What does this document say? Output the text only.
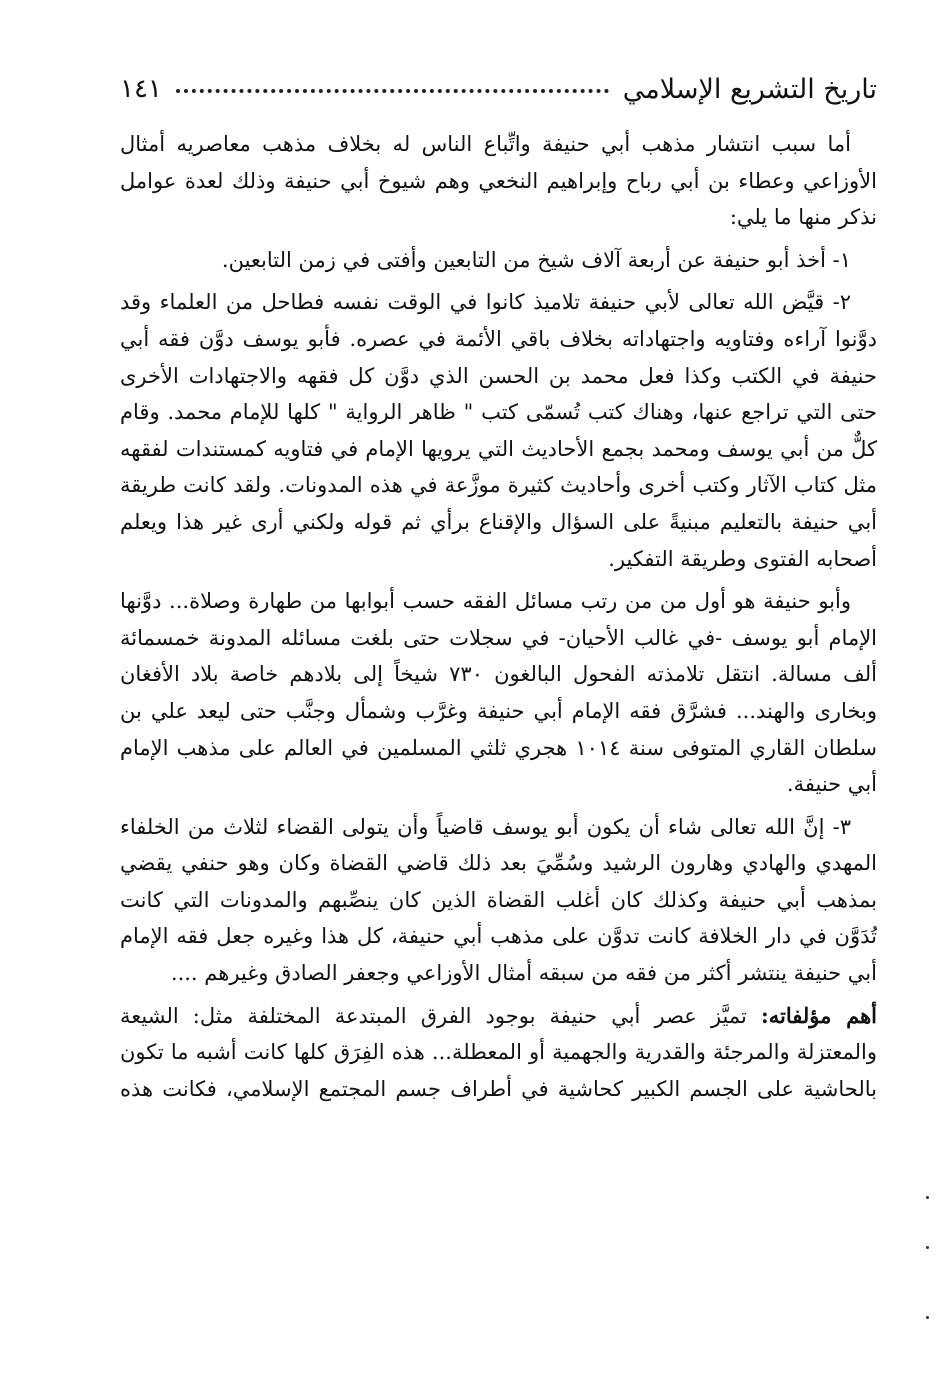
تاريخ التشريع الإسلامي
١٤١

أما سبب انتشار مذهب أبي حنيفة واتِّباع الناس له بخلاف مذهب معاصريه أمثال الأوزاعي وعطاء بن أبي رباح وإبراهيم النخعي وهم شيوخ أبي حنيفة وذلك لعدة عوامل نذكر منها ما يلي:

١- أخذ أبو حنيفة عن أربعة آلاف شيخ من التابعين وأفتى في زمن التابعين.

٢- قيَّض الله تعالى لأبي حنيفة تلاميذ كانوا في الوقت نفسه فطاحل من العلماء وقد دوَّنوا آراءه وفتاويه واجتهاداته بخلاف باقي الأئمة في عصره. فأبو يوسف دوَّن فقه أبي حنيفة في الكتب وكذا فعل محمد بن الحسن الذي دوَّن كل فقهه والاجتهادات الأخرى حتى التي تراجع عنها، وهناك كتب تُسمّى كتب " ظاهر الرواية " كلها للإمام محمد. وقام كلٌّ من أبي يوسف ومحمد بجمع الأحاديث التي يرويها الإمام في فتاويه كمستندات لفقهه مثل كتاب الآثار وكتب أخرى وأحاديث كثيرة موزَّعة في هذه المدونات. ولقد كانت طريقة أبي حنيفة بالتعليم مبنيةً على السؤال والإقناع برأي ثم قوله ولكني أرى غير هذا ويعلم أصحابه الفتوى وطريقة التفكير.

وأبو حنيفة هو أول من من رتب مسائل الفقه حسب أبوابها من طهارة وصلاة... دوَّنها الإمام أبو يوسف -في غالب الأحيان- في سجلات حتى بلغت مسائله المدونة خمسمائة ألف مسالة. انتقل تلامذته الفحول البالغون ٧٣٠ شيخاً إلى بلادهم خاصة بلاد الأفغان وبخارى والهند... فشرَّق فقه الإمام أبي حنيفة وغرَّب وشمأل وجنَّب حتى ليعد علي بن سلطان القاري المتوفى سنة ١٠١٤ هجري ثلثي المسلمين في العالم على مذهب الإمام أبي حنيفة.

٣- إنَّ الله تعالى شاء أن يكون أبو يوسف قاضياً وأن يتولى القضاء لثلاث من الخلفاء المهدي والهادي وهارون الرشيد وسُمِّيَ بعد ذلك قاضي القضاة وكان وهو حنفي يقضي بمذهب أبي حنيفة وكذلك كان أغلب القضاة الذين كان ينصِّبهم والمدونات التي كانت تُدَوَّن في دار الخلافة كانت تدوَّن على مذهب أبي حنيفة، كل هذا وغيره جعل فقه الإمام أبي حنيفة ينتشر أكثر من فقه من سبقه أمثال الأوزاعي وجعفر الصادق وغيرهم ....

أهم مؤلفاته: تميَّز عصر أبي حنيفة بوجود الفرق المبتدعة المختلفة مثل: الشيعة والمعتزلة والمرجئة والقدرية والجهمية أو المعطلة... هذه الفِرَق كلها كانت أشبه ما تكون بالحاشية على الجسم الكبير كحاشية في أطراف جسم المجتمع الإسلامي، فكانت هذه
